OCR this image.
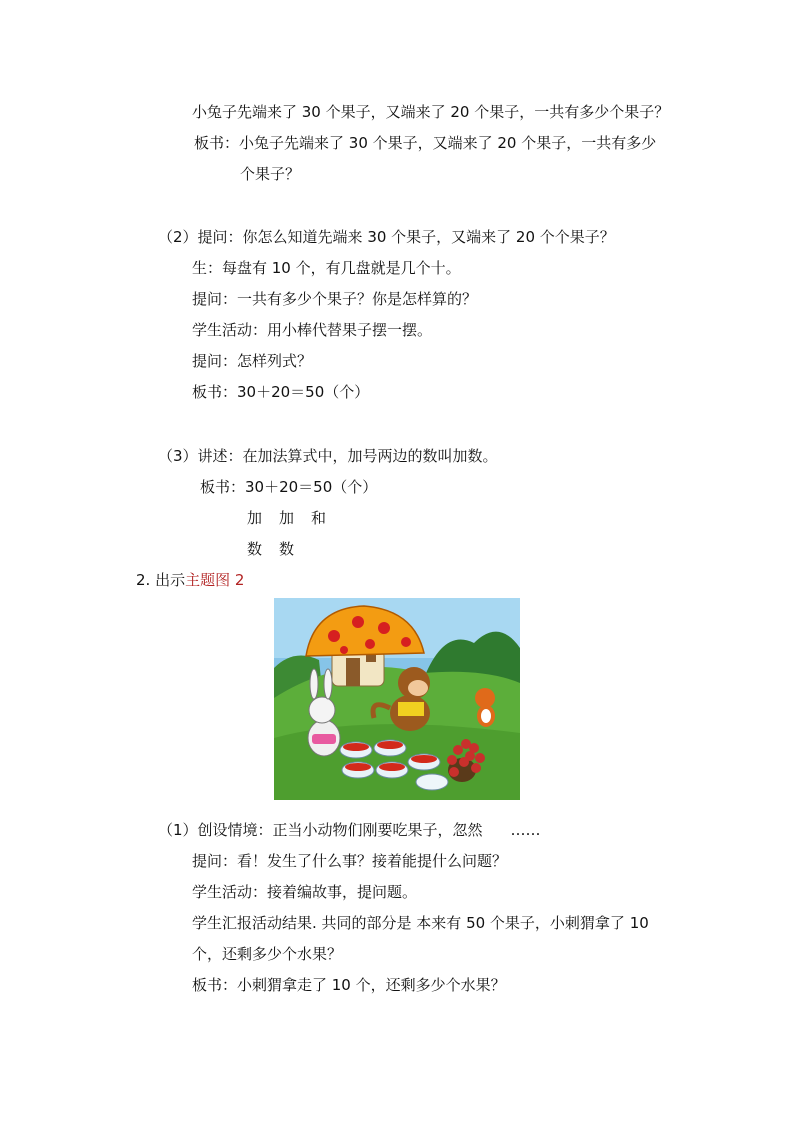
小兔子先端来了 30 个果子，又端来了 20 个果子，一共有多少个果子？
板书：小兔子先端来了 30 个果子，又端来了 20 个果子，一共有多少
个果子？
（2）提问：你怎么知道先端来 30 个果子，又端来了 20 个个果子？
生：每盘有 10 个，有几盘就是几个十。
提问：一共有多少个果子？你是怎样算的？
学生活动：用小棒代替果子摆一摆。
提问：怎样列式？
板书：30＋20＝50（个）
（3）讲述：在加法算式中，加号两边的数叫加数。
板书：30＋20＝50（个）
加 加 和
数 数
2. 出示主题图 2
（1）创设情境：正当小动物们刚要吃果子，忽然 ……
提问：看！发生了什么事？接着能提什么问题？
学生活动：接着编故事，提问题。
学生汇报活动结果. 共同的部分是 本来有 50 个果子，小刺猬拿了 10
个，还剩多少个水果？
板书：小刺猬拿走了 10 个，还剩多少个水果？
